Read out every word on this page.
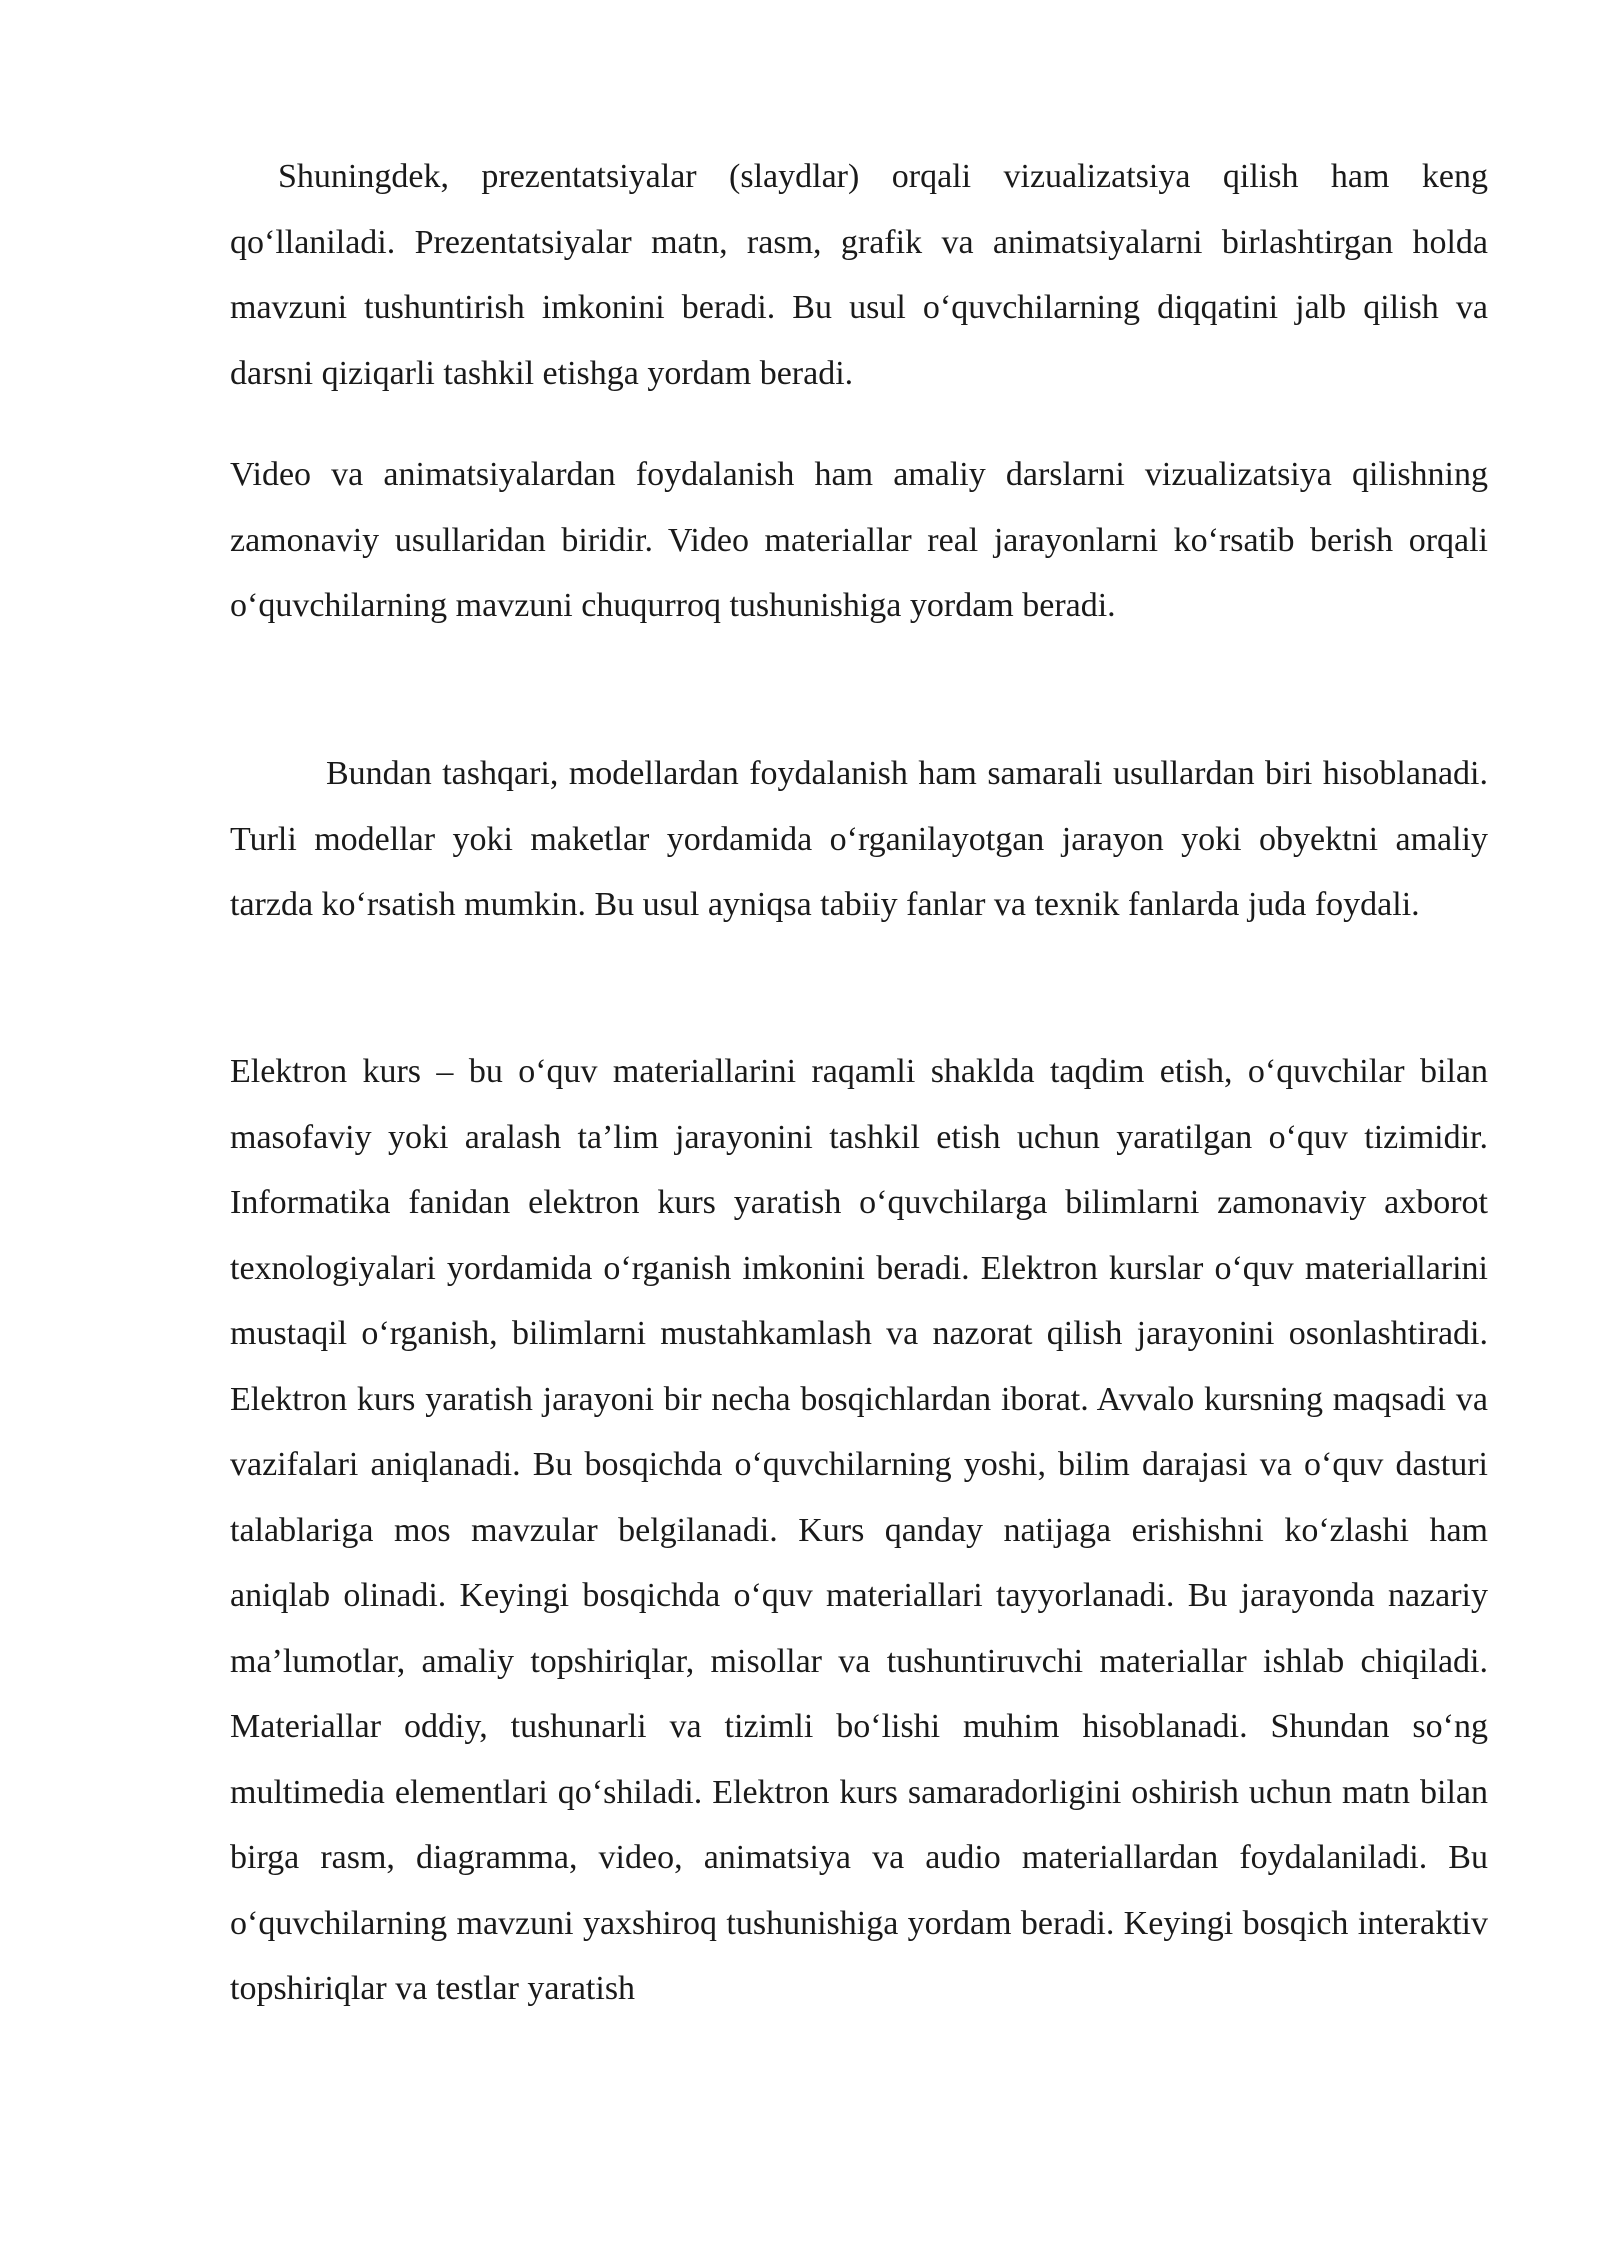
Shuningdek, prezentatsiyalar (slaydlar) orqali vizualizatsiya qilish ham keng qo‘llaniladi. Prezentatsiyalar matn, rasm, grafik va animatsiyalarni birlashtirgan holda mavzuni tushuntirish imkonini beradi. Bu usul o‘quvchilarning diqqatini jalb qilish va darsni qiziqarli tashkil etishga yordam beradi.

Video va animatsiyalardan foydalanish ham amaliy darslarni vizualizatsiya qilishning zamonaviy usullaridan biridir. Video materiallar real jarayonlarni ko‘rsatib berish orqali o‘quvchilarning mavzuni chuqurroq tushunishiga yordam beradi.

Bundan tashqari, modellardan foydalanish ham samarali usullardan biri hisoblanadi. Turli modellar yoki maketlar yordamida o‘rganilayotgan jarayon yoki obyektni amaliy tarzda ko‘rsatish mumkin. Bu usul ayniqsa tabiiy fanlar va texnik fanlarda juda foydali.

Elektron kurs – bu o‘quv materiallarini raqamli shaklda taqdim etish, o‘quvchilar bilan masofaviy yoki aralash ta’lim jarayonini tashkil etish uchun yaratilgan o‘quv tizimidir. Informatika fanidan elektron kurs yaratish o‘quvchilarga bilimlarni zamonaviy axborot texnologiyalari yordamida o‘rganish imkonini beradi. Elektron kurslar o‘quv materiallarini mustaqil o‘rganish, bilimlarni mustahkamlash va nazorat qilish jarayonini osonlashtiradi. Elektron kurs yaratish jarayoni bir necha bosqichlardan iborat. Avvalo kursning maqsadi va vazifalari aniqlanadi. Bu bosqichda o‘quvchilarning yoshi, bilim darajasi va o‘quv dasturi talablariga mos mavzular belgilanadi. Kurs qanday natijaga erishishni ko‘zlashi ham aniqlab olinadi. Keyingi bosqichda o‘quv materiallari tayyorlanadi. Bu jarayonda nazariy ma’lumotlar, amaliy topshiriqlar, misollar va tushuntiruvchi materiallar ishlab chiqiladi. Materiallar oddiy, tushunarli va tizimli bo‘lishi muhim hisoblanadi. Shundan so‘ng multimedia elementlari qo‘shiladi. Elektron kurs samaradorligini oshirish uchun matn bilan birga rasm, diagramma, video, animatsiya va audio materiallardan foydalaniladi. Bu o‘quvchilarning mavzuni yaxshiroq tushunishiga yordam beradi. Keyingi bosqich interaktiv topshiriqlar va testlar yaratish
